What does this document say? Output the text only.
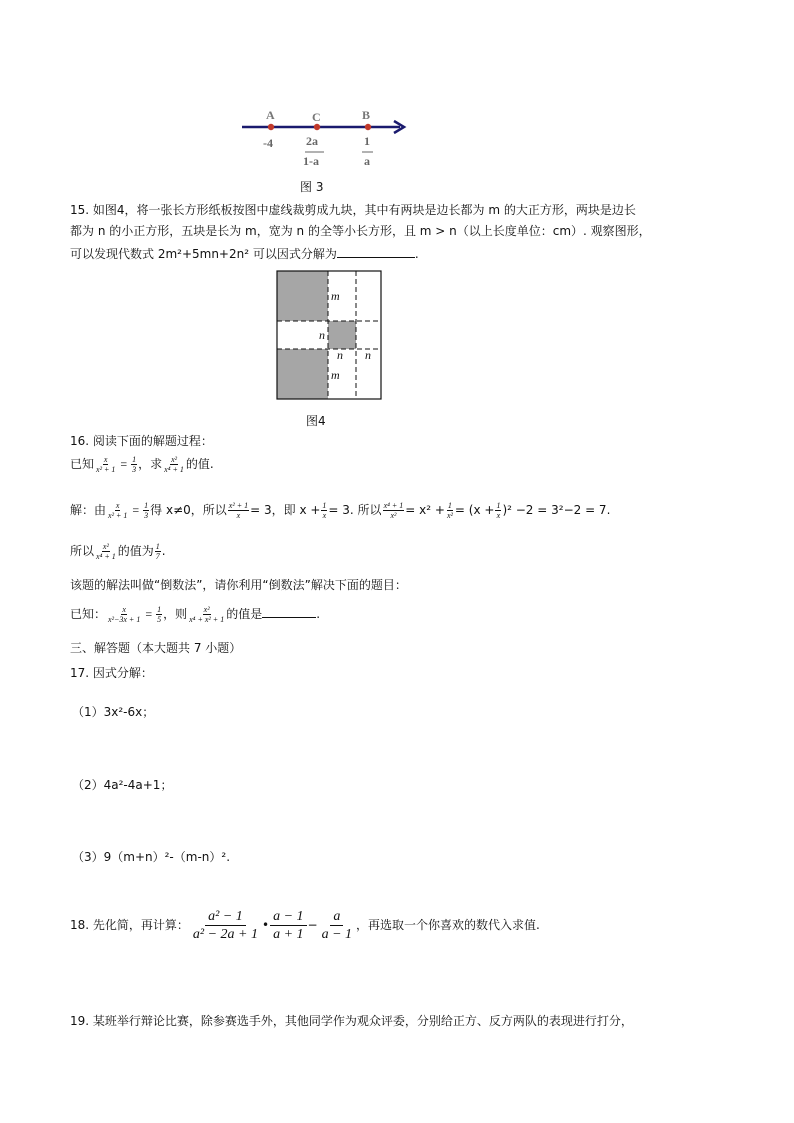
A	C	B
-4	2a
1-a
1
a
图 3
15. 如图4，将一张长方形纸板按图中虚线裁剪成九块，其中有两块是边长都为 m 的大正方形，两块是边长
都为 n 的小正方形，五块是长为 m，宽为 n 的全等小长方形，且 m > n（以上长度单位：cm）. 观察图形，
可以发现代数式 2m²+5mn+2n² 可以因式分解为	.
m
n
n n
m
图4
16. 阅读下面的解题过程：
已知 $\frac{x}{\text{x² + 1}} = \frac{1}{3}$ ，求 $\frac{\text{x²}}{\text{x⁴ + 1}}$ 的值.
解：由 $\frac{x}{\text{x² + 1}} = \frac{1}{3}$ 得 x≠0，所以 $\frac{\text{x² + 1}}{x} = 3$，即 $x + \frac{1}{x} = 3$. 所以 $\frac{\text{x⁴ + 1}}{\text{x²}} = x^2 + \frac{1}{\text{x²}} = (x + \frac{1}{x} )^2 -2 = 3^2-2 = 7$.
所以 $\frac{\text{x²}}{\text{x⁴ + 1}}$ 的值为 $\frac{1}{7}$ .
该题的解法叫做“倒数法”，请你利用“倒数法”解决下面的题目：
已知： $\frac{x}{\text{x²−3x + 1}} = \frac{1}{5}$ ，则 $\frac{\text{x²}}{\text{x⁴ + x² + 1}}$ 的值是	.
三、解答题（本大题共 7 小题）
17. 因式分解：
（1）3x²-6x；
（2）4a²-4a+1；
（3）9（m+n）²-（m-n）².
18. 先化简，再计算： $\frac{\text{a² − 1}}{\text{a² − 2a + 1}}$ • $\frac{a - 1}{a + 1} - \frac{a}{a - 1}$ ，再选取一个你喜欢的数代入求值.
19. 某班举行辩论比赛，除参赛选手外，其他同学作为观众评委，分别给正方、反方两队的表现进行打分，
